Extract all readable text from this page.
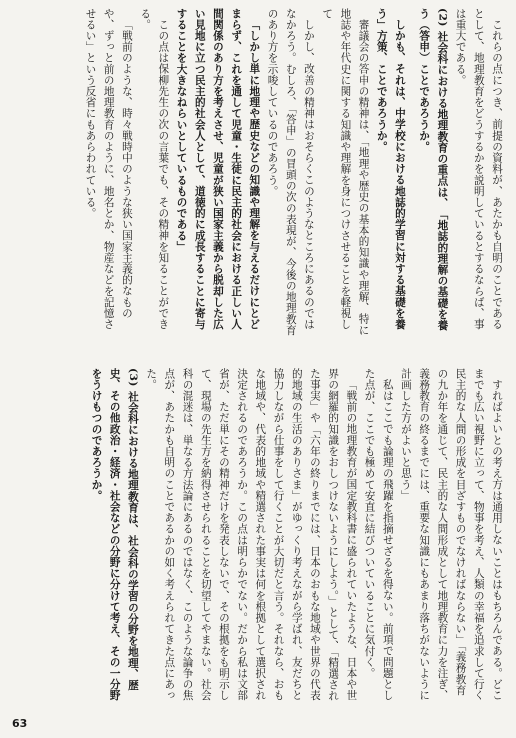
これらの点につき、前提の資料が、あたかも自明のことであるとして、地理教育をどうするかを説明しているとするならば、事は重大である。
(2) 社会科における地理教育の重点は、「地誌的理解の基礎を養う（答申）ことであろうか。
しかも、それは、中学校における地誌的学習に対する基礎を養う」方策、ことであろうか。
審議会の答申の精神は、「地理や歴史の基本的知識や理解、特に地誌や年代史に関する知識や理解を身につけさせることを軽視して
しかし、改善の精神はおそらくこのようなところにあるのではなかろう。むしろ、「答申」の冒頭の次の表現が、今後の地理教育のあり方を示唆しているのであろう。
「しかし単に地理や歴史などの知識や理解を与えるだけにとどまらず、これを通して児童・生徒に民主的社会における正しい人間関係のあり方を考えさせ、児童が狭い国家主義から脱却した広い見地に立つ民主的社会人として、道徳的に成長することに寄与することを大きなねらいとしているものである」
この点は保柳先生の次の言葉でも、その精神を知ることができる。
「戦前のような、時々戦時中のような狭い国家主義的なものや、ずっと前の地理教育のように、地名とか、物産などを記憶させるい」という反省にもあらわれている。
すればよいとの考え方は通用しないことはもちろんである。どこまでも広い視野に立って、物事を考え、人類の幸福を追求して行く民主的な人間の形成を目ざすものでなければならない」「義務教育の九か年を通じて、民主的な人間形成として地理教育に力を注ぎ、義務教育の終るまでには、重要な知識にもあまり落ちがないように計画した方がよいと思う」
私はここでも論理の飛躍を指摘せざるを得ない。前項で問題とした点が、ここでも極めて安直に結びついていることに気付く。
「戦前の地理教育が国定教科書に盛られていたような、日本や世界の網羅的知識をおしつけないようにしよう。」として、「精選された事実」や「六年の終りまでには、日本のおもな地域や世界の代表的地域の生活のありさま」がゆっくり考えながら学ばれ、友だちと協力しながら仕事をして行くことが大切だと言う。それなら、おもな地域や、代表的地域や精選された事実は何を根拠として選択され決定されるのであろうか。この点は明らかでない。だから私は文部省が、ただ単にその精神だけを発表しないで、その根拠をも明示して、現場の先生方を納得させられることを切望してやまない。社会科の混迷は、単なる方法論にあるのではなく、このような論争の焦点が、あたかも自明のことであるかの如く考えられてきた点にあった。
(3) 社会科における地理教育は、社会科の学習の分野を地理、歴史、その他政治・経済・社会などの分野に分けて考え、その一分野をうけもつのであろうか。
63
